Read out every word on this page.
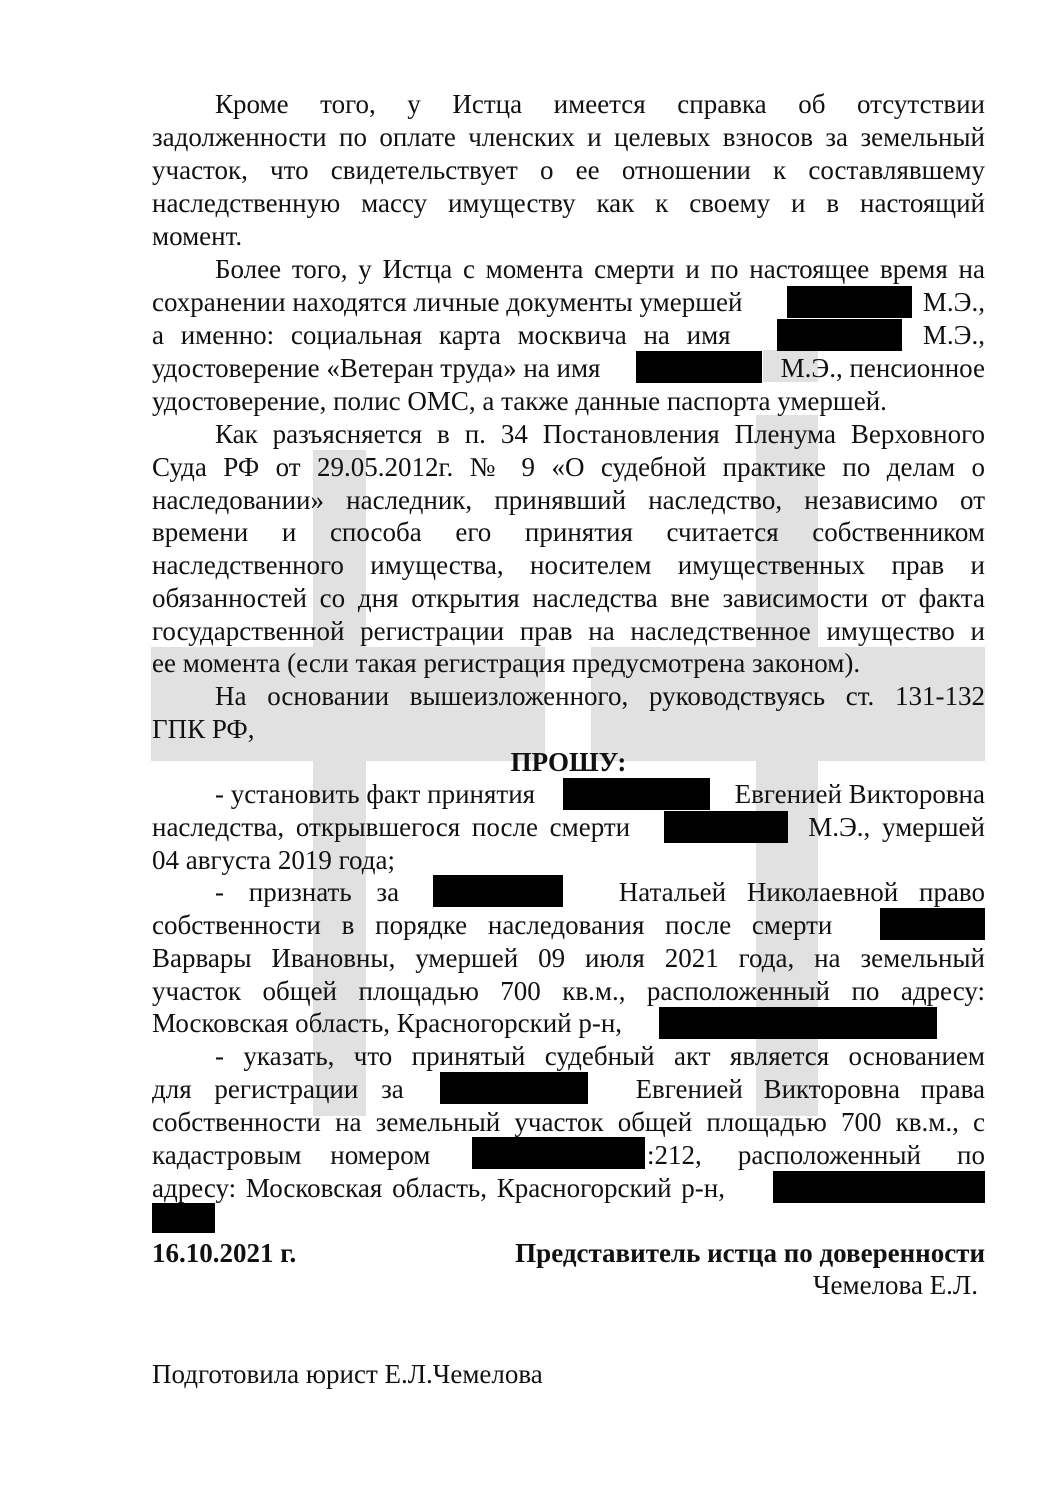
Кроме того, у Истца имеется справка об отсутствии
задолженности по оплате членских и целевых взносов за земельный
участок, что свидетельствует о ее отношении к составлявшему
наследственную массу имуществу как к своему и в настоящий
момент.
Более того, у Истца с момента смерти и по настоящее время на
сохранении находятся личные документы умершей	М.Э.,
а именно: социальная карта москвича на имя	М.Э.,
удостоверение «Ветеран труда» на имя	М.Э., пенсионное
удостоверение, полис ОМС, а также данные паспорта умершей.
Как разъясняется в п. 34 Постановления Пленума Верховного
Суда РФ от 29.05.2012г. № 9 «О судебной практике по делам о
наследовании» наследник, принявший наследство, независимо от
времени и способа его принятия считается собственником
наследственного имущества, носителем имущественных прав и
обязанностей со дня открытия наследства вне зависимости от факта
государственной регистрации прав на наследственное имущество и
ее момента (если такая регистрация предусмотрена законом).
На основании вышеизложенного, руководствуясь ст. 131-132
ГПК РФ,
ПРОШУ:
- установить факт принятия	Евгенией Викторовна
наследства, открывшегося после смерти	М.Э., умершей
04 августа 2019 года;
- признать за	Натальей Николаевной право
собственности в порядке наследования после смерти
Варвары Ивановны, умершей 09 июля 2021 года, на земельный
участок общей площадью 700 кв.м., расположенный по адресу:
Московская область, Красногорский р-н,
- указать, что принятый судебный акт является основанием
для регистрации за	Евгенией Викторовна права
собственности на земельный участок общей площадью 700 кв.м., с
кадастровым номером	:212, расположенный по
адресу: Московская область, Красногорский р-н,
16.10.2021 г.	Представитель истца по доверенности
Чемелова Е.Л.
Подготовила юрист Е.Л.Чемелова
